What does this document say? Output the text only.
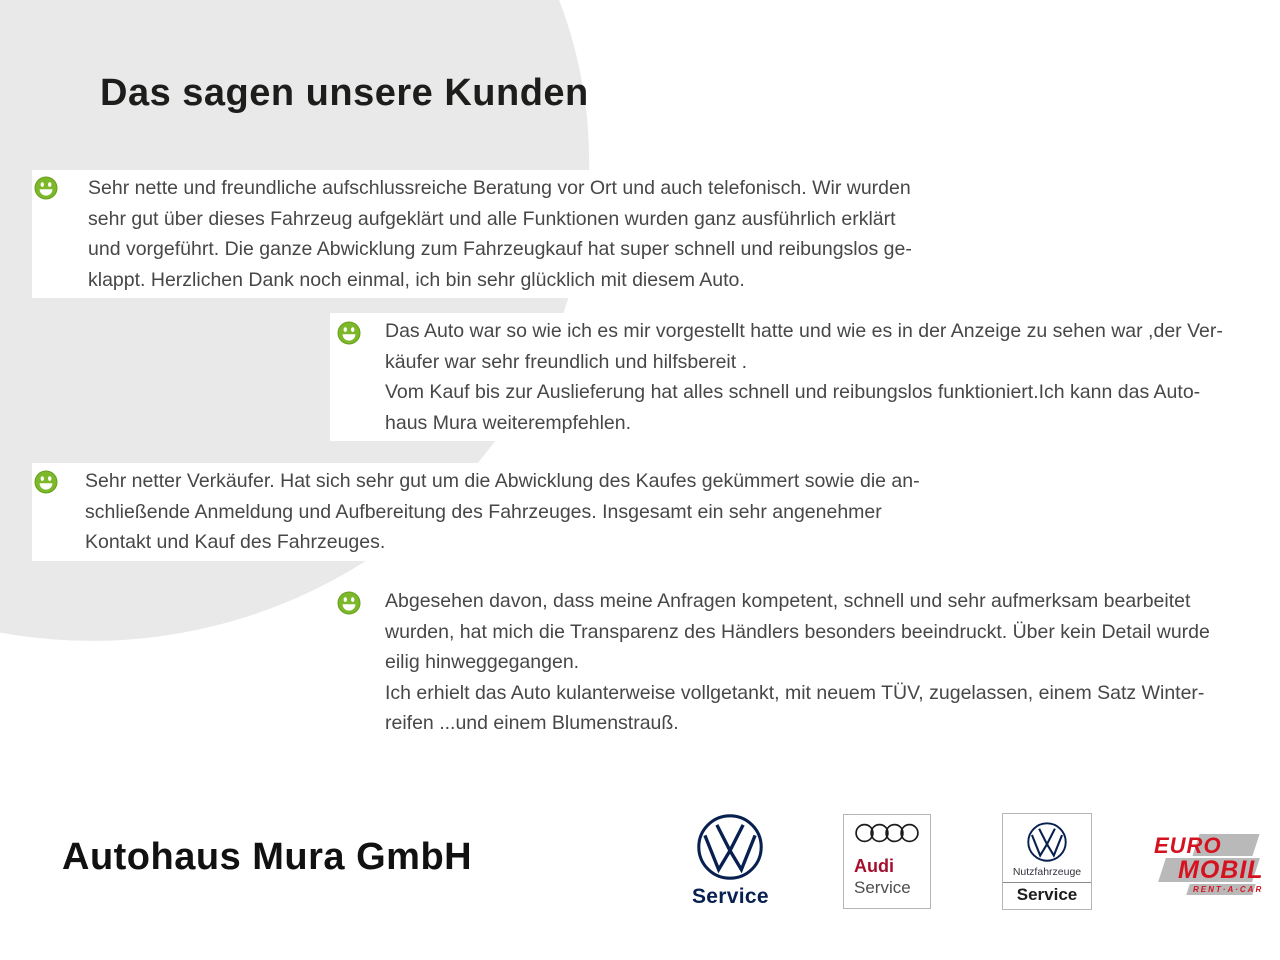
Das sagen unsere Kunden
Sehr nette und freundliche aufschlussreiche Beratung vor Ort und auch telefonisch. Wir wurden
sehr gut über dieses Fahrzeug aufgeklärt und alle Funktionen wurden ganz ausführlich erklärt
und vorgeführt. Die ganze Abwicklung zum Fahrzeugkauf hat super schnell und reibungslos ge-
klappt. Herzlichen Dank noch einmal, ich bin sehr glücklich mit diesem Auto.
Das Auto war so wie ich es mir vorgestellt hatte und wie es in der Anzeige zu sehen war ,der Ver-
käufer war sehr freundlich und hilfsbereit .
Vom Kauf bis zur Auslieferung hat alles schnell und reibungslos funktioniert.Ich kann das Auto-
haus Mura weiterempfehlen.
Sehr netter Verkäufer. Hat sich sehr gut um die Abwicklung des Kaufes gekümmert sowie die an-
schließende Anmeldung und Aufbereitung des Fahrzeuges. Insgesamt ein sehr angenehmer
Kontakt und Kauf des Fahrzeuges.
Abgesehen davon, dass meine Anfragen kompetent, schnell und sehr aufmerksam bearbeitet
wurden, hat mich die Transparenz des Händlers besonders beeindruckt. Über kein Detail wurde
eilig hinweggegangen.
Ich erhielt das Auto kulanterweise vollgetankt, mit neuem TÜV, zugelassen, einem Satz Winter-
reifen ...und einem Blumenstrauß.
Autohaus Mura GmbH
Service
Audi
Service
Nutzfahrzeuge
Service
EURO
MOBIL
RENT·A·CAR
